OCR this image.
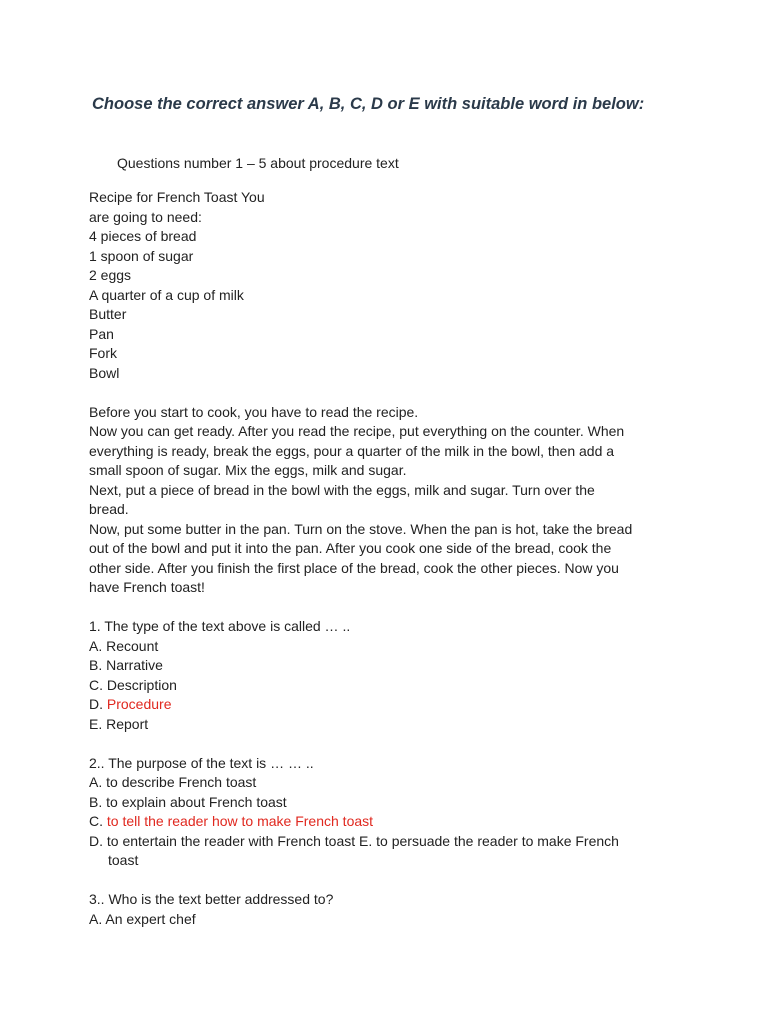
Choose the correct answer A, B, C, D or E with suitable word in below:
Questions number 1 – 5 about procedure text
Recipe for French Toast You
are going to need:
4 pieces of bread
1 spoon of sugar
2 eggs
A quarter of a cup of milk
Butter
Pan
Fork
Bowl
Before you start to cook, you have to read the recipe.
Now you can get ready. After you read the recipe, put everything on the counter. When
everything is ready, break the eggs, pour a quarter of the milk in the bowl, then add a
small spoon of sugar. Mix the eggs, milk and sugar.
Next, put a piece of bread in the bowl with the eggs, milk and sugar. Turn over the
bread.
Now, put some butter in the pan. Turn on the stove. When the pan is hot, take the bread
out of the bowl and put it into the pan. After you cook one side of the bread, cook the
other side. After you finish the first place of the bread, cook the other pieces. Now you
have French toast!
1. The type of the text above is called … ..
A. Recount
B. Narrative
C. Description
D. Procedure
E. Report
2.. The purpose of the text is … … ..
A. to describe French toast
B. to explain about French toast
C. to tell the reader how to make French toast
D. to entertain the reader with French toast E. to persuade the reader to make French
toast
3.. Who is the text better addressed to?
A. An expert chef
